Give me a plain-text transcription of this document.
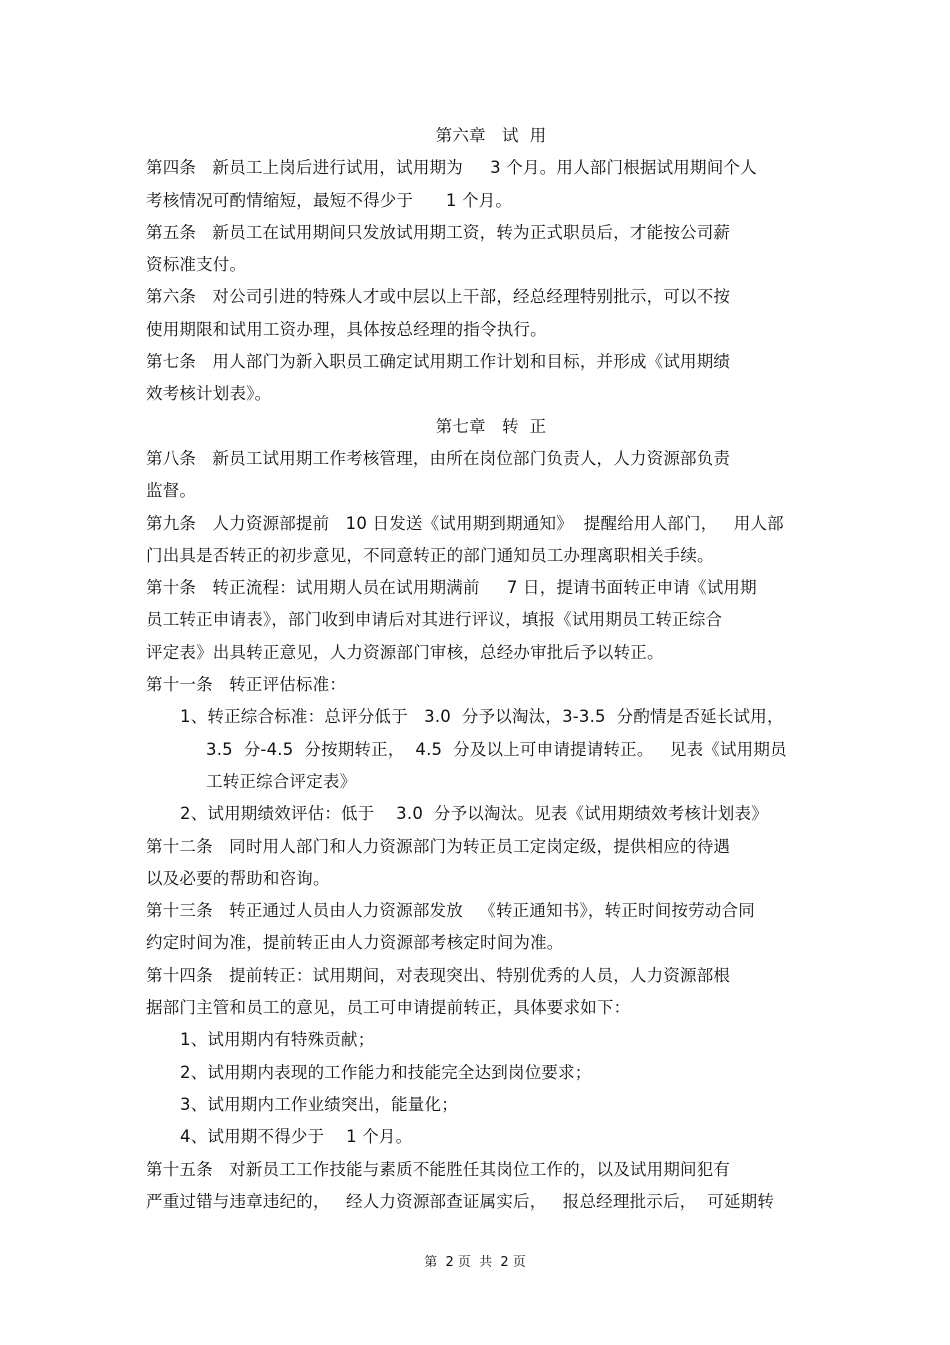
第六章   试  用
第四条   新员工上岗后进行试用，试用期为     3 个月。用人部门根据试用期间个人
考核情况可酌情缩短，最短不得少于      1 个月。
第五条   新员工在试用期间只发放试用期工资，转为正式职员后，才能按公司薪
资标准支付。
第六条   对公司引进的特殊人才或中层以上干部，经总经理特别批示，可以不按
使用期限和试用工资办理，具体按总经理的指令执行。
第七条   用人部门为新入职员工确定试用期工作计划和目标，并形成《试用期绩
效考核计划表》。
第七章   转  正
第八条   新员工试用期工作考核管理，由所在岗位部门负责人，人力资源部负责
监督。
第九条   人力资源部提前   10 日发送《试用期到期通知》  提醒给用人部门，   用人部
门出具是否转正的初步意见，不同意转正的部门通知员工办理离职相关手续。
第十条   转正流程：试用期人员在试用期满前     7 日，提请书面转正申请《试用期
员工转正申请表》，部门收到申请后对其进行评议，填报《试用期员工转正综合
评定表》出具转正意见，人力资源部门审核，总经办审批后予以转正。
第十一条   转正评估标准：
1、转正综合标准：总评分低于   3.0  分予以淘汰，3-3.5  分酌情是否延长试用，
3.5  分-4.5  分按期转正，  4.5  分及以上可申请提请转正。   见表《试用期员
工转正综合评定表》
2、试用期绩效评估：低于    3.0  分予以淘汰。见表《试用期绩效考核计划表》
第十二条   同时用人部门和人力资源部门为转正员工定岗定级，提供相应的待遇
以及必要的帮助和咨询。
第十三条   转正通过人员由人力资源部发放   《转正通知书》，转正时间按劳动合同
约定时间为准，提前转正由人力资源部考核定时间为准。
第十四条   提前转正：试用期间，对表现突出、特别优秀的人员，人力资源部根
据部门主管和员工的意见，员工可申请提前转正，具体要求如下：
1、试用期内有特殊贡献；
2、试用期内表现的工作能力和技能完全达到岗位要求；
3、试用期内工作业绩突出，能量化；
4、试用期不得少于    1 个月。
第十五条   对新员工工作技能与素质不能胜任其岗位工作的，以及试用期间犯有
严重过错与违章违纪的，   经人力资源部查证属实后，   报总经理批示后，  可延期转
第  2 页  共  2 页
